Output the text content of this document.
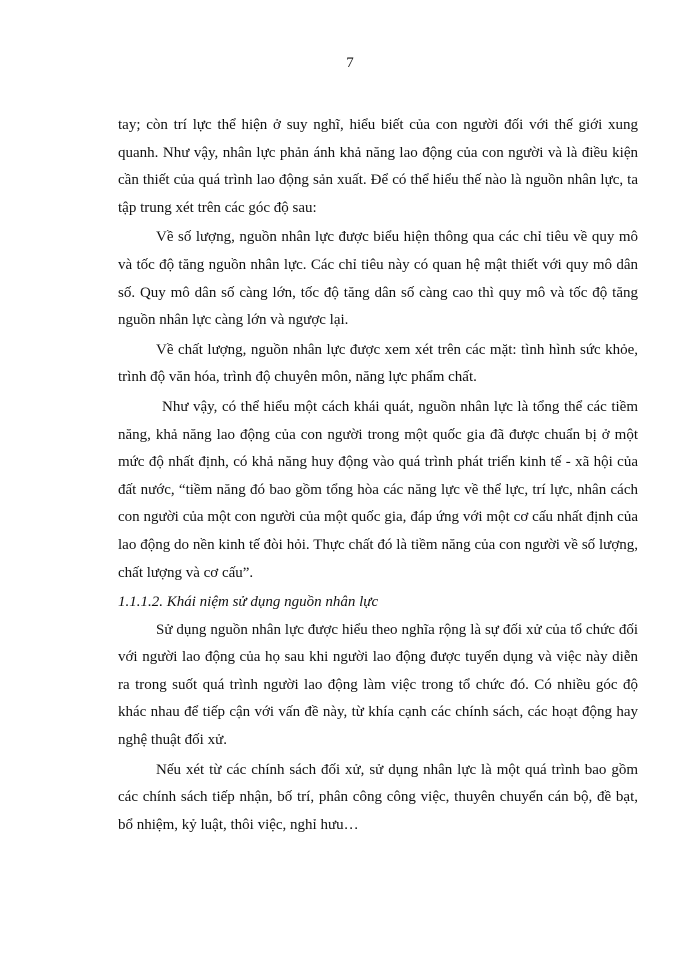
7

tay; còn trí lực thể hiện ở suy nghĩ, hiểu biết của con người đối với thế giới xung quanh. Như vậy, nhân lực phản ánh khả năng lao động của con người và là điều kiện cần thiết của quá trình lao động sản xuất. Để có thể hiểu thế nào là nguồn nhân lực, ta tập trung xét trên các góc độ sau:

Về số lượng, nguồn nhân lực được biểu hiện thông qua các chỉ tiêu về quy mô và tốc độ tăng nguồn nhân lực. Các chỉ tiêu này có quan hệ mật thiết với quy mô dân số. Quy mô dân số càng lớn, tốc độ tăng dân số càng cao thì quy mô và tốc độ tăng nguồn nhân lực càng lớn và ngược lại.

Về chất lượng, nguồn nhân lực được xem xét trên các mặt: tình hình sức khỏe, trình độ văn hóa, trình độ chuyên môn, năng lực phẩm chất.

Như vậy, có thể hiểu một cách khái quát, nguồn nhân lực là tổng thể các tiềm năng, khả năng lao động của con người trong một quốc gia đã được chuẩn bị ở một mức độ nhất định, có khả năng huy động vào quá trình phát triển kinh tế - xã hội của đất nước, “tiềm năng đó bao gồm tổng hòa các năng lực về thể lực, trí lực, nhân cách con người của một con người của một quốc gia, đáp ứng với một cơ cấu nhất định của lao động do nền kinh tế đòi hỏi. Thực chất đó là tiềm năng của con người về số lượng, chất lượng và cơ cấu”.

1.1.1.2. Khái niệm sử dụng nguồn nhân lực

Sử dụng nguồn nhân lực được hiểu theo nghĩa rộng là sự đối xử của tổ chức đối với người lao động của họ sau khi người lao động được tuyển dụng và việc này diễn ra trong suốt quá trình người lao động làm việc trong tổ chức đó. Có nhiều góc độ khác nhau để tiếp cận với vấn đề này, từ khía cạnh các chính sách, các hoạt động hay nghệ thuật đối xử.

Nếu xét từ các chính sách đối xử, sử dụng nhân lực là một quá trình bao gồm các chính sách tiếp nhận, bố trí, phân công công việc, thuyên chuyển cán bộ, đề bạt, bổ nhiệm, kỷ luật, thôi việc, nghỉ hưu…
